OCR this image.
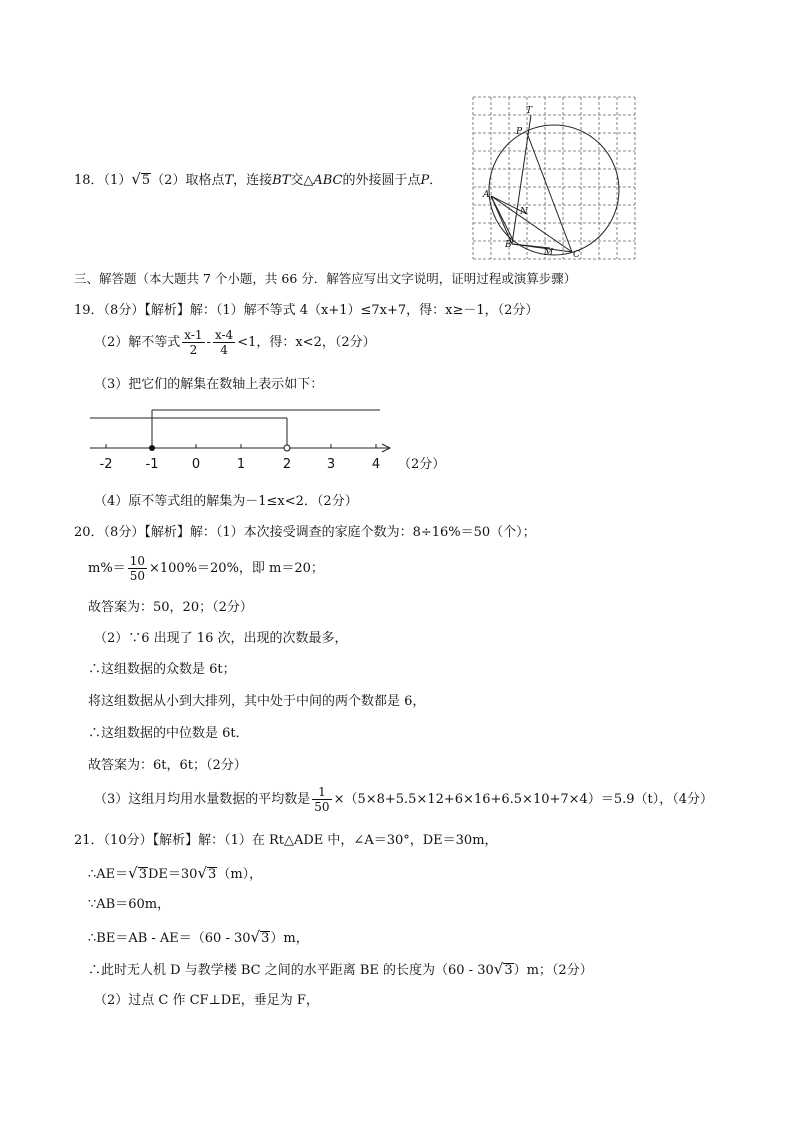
18．（1）√5（2）取格点T，连接BT交△ABC的外接圆于点P．
T
P
A
N
B
M C
三、解答题（本大题共 7 个小题，共 66 分．解答应写出文字说明，证明过程或演算步骤）
19．（8分）【解析】解：（1）解不等式 4（x+1）≤7x+7，得：x≥－1，（2分）
（2）解不等式 $\frac{x-1}{2} - \frac{x-4}{4} <1$，得：x<2，（2分）
（3）把它们的解集在数轴上表示如下：
-2	-1	0	1	2	3	4 （2分）
（4）原不等式组的解集为－1≤x<2．（2分）
20．（8分）【解析】解：（1）本次接受调查的家庭个数为：8÷16%＝50（个）；
$m\%= \frac{10}{50} \times 100\%=20\%$，即 m＝20；
故答案为：50，20；（2分）
（2）∵6 出现了 16 次，出现的次数最多，
∴这组数据的众数是 6t；
将这组数据从小到大排列，其中处于中间的两个数都是 6，
∴这组数据的中位数是 6t．
故答案为：6t，6t；（2分）
（3）这组月均用水量数据的平均数是 $\frac{1}{50} \times(5\times 8+5.5\times 12+6\times 16+6.5\times 10+7\times 4)=5.9(t)$，（4分）
21．（10分）【解析】解：（1）在 Rt△ADE 中，∠A＝30°，DE＝30m，
∴AE＝√3DE＝30√3（m），
∵AB＝60m，
∴BE＝AB - AE＝（60 - 30√3）m，
∴此时无人机 D 与教学楼 BC 之间的水平距离 BE 的长度为（60 - 30√3）m；（2分）
（2）过点 C 作 CF⊥DE，垂足为 F，
